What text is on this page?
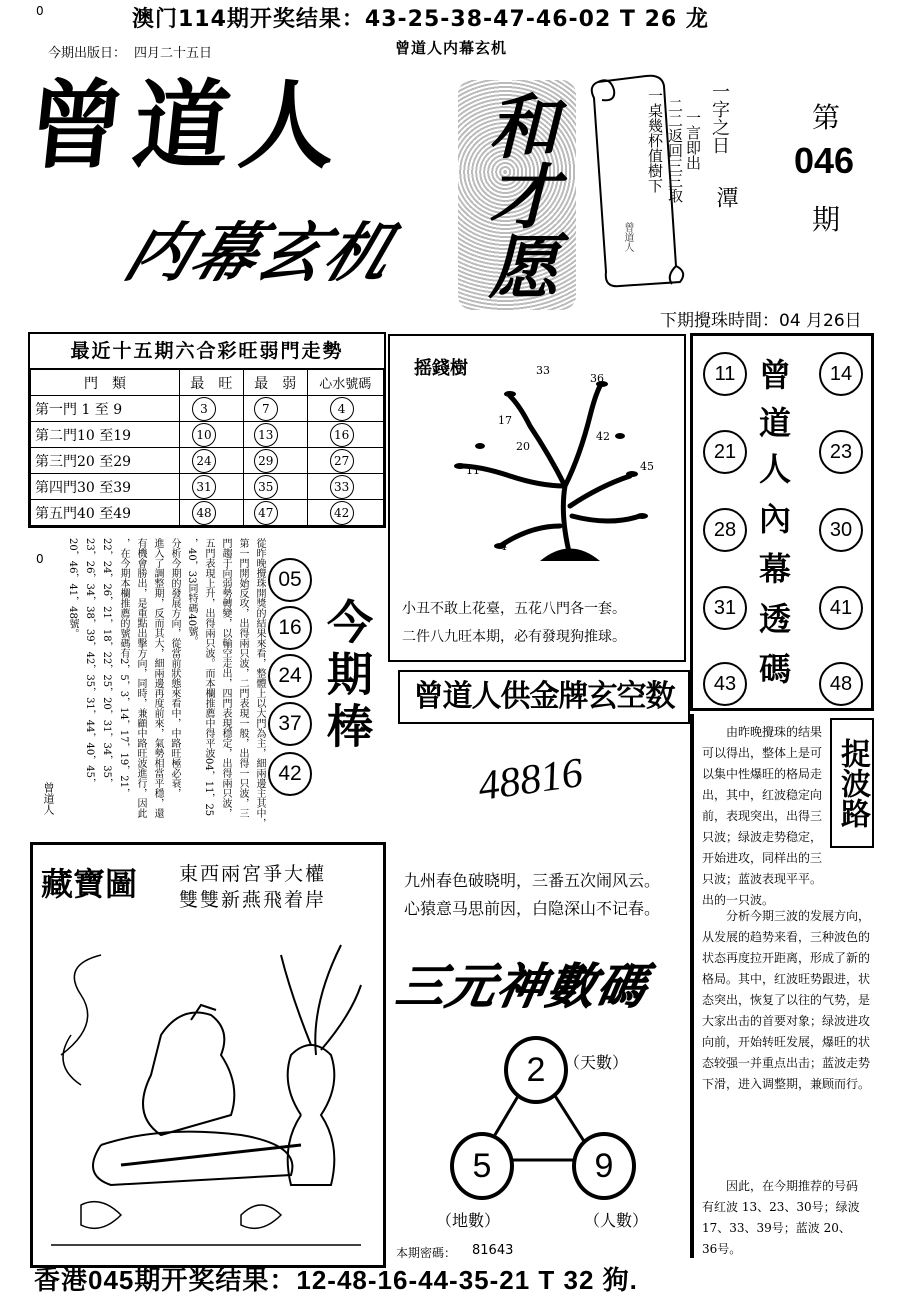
0	澳门114期开奖结果：43-25-38-47-46-02 T 26 龙
今期出版日： 四月二十五日	曾道人内幕玄机
曾道人
内幕玄机 和才愿	一字之日
潭
一言即出
二二返回三三取
一桌幾杯值樹下
曾道人
第
046
期
下期攪珠時間：04 月26日
最近十五期六合彩旺弱門走勢
門　類	最　旺	最　弱	心水號碼
第一門 1 至 9	3	7	4

第二門10 至19	10	13	16

第三門20 至29	24	29	27

第四門30 至39	31	35	33

第五門40 至49	48	47	42
摇錢樹	33
36
17
42
20
45
11
4
小丑不敢上花臺，五花八門各一套。
二件八九旺本期，必有發現狗推球。
11
21
28
31
43
14
23
30
41
48
曾
道
人
內
幕
透
碼
0	從昨晚攪珠開獎的結果來看，整體上以大門為主，細兩邊主其中，
第一門開始反攻，出得兩只波，二門表現一般，出得一只波，三
門趨于向弱勢轉變，以輸空走出，四門表現穩定，出得兩只波，
五門表現上升，出得兩只波。而本欄推薦中得平波04，11，25
，40，33同特碼40號。
分析今期的發展方向，從當前狀態來看中，中路旺極必衰，
進入了調整期，反而其大，細兩邊再度前來，氣勢相當平穩，還
有機會勝出，是重點出擊方向，同時，兼顧中路旺波進行，因此
，在今期本欄推薦的號碼有2，5，3，14，17，19，21，
22，24，26，21，18，22，25，20，31，34，35，
23，26，34，38，39，42，35，31，44，40，45，
20，46，41，48號。
曾道人
05
16
24
37
42
今期棒	曾道人供金牌玄空数
48816	捉波路
由昨晚攪珠的结果可以得出，整体上是可以集中性爆旺的格局走出，其中，红波稳定向前，表现突出，出得三只波；绿波走势稳定，开始进攻，同样出的三只波；蓝波表现平平。出的一只波。
分析今期三波的发展方向，从发展的趋势来看，三种波色的状态再度拉开距离，形成了新的格局。其中，红波旺势跟进，状态突出，恢复了以往的气势，是大家出击的首要对象；绿波进攻向前，开始转旺发展，爆旺的状态较强一并重点出击；蓝波走势下滑，进入调整期，兼顾而行。
因此，在今期推荐的号码有红波 13、23、30号；绿波 17、33、39号；蓝波 20、36号。
藏寶圖 東西兩宮爭大權
雙雙新燕飛着岸
九州春色破晓明，三番五次闹风云。
心猿意马思前因，白隐深山不记春。
三元神數碼
2	（天數）
5
（地數）
9
（人數）
本期密碼： 81643
香港045期开奖结果：12-48-16-44-35-21 T 32 狗.
